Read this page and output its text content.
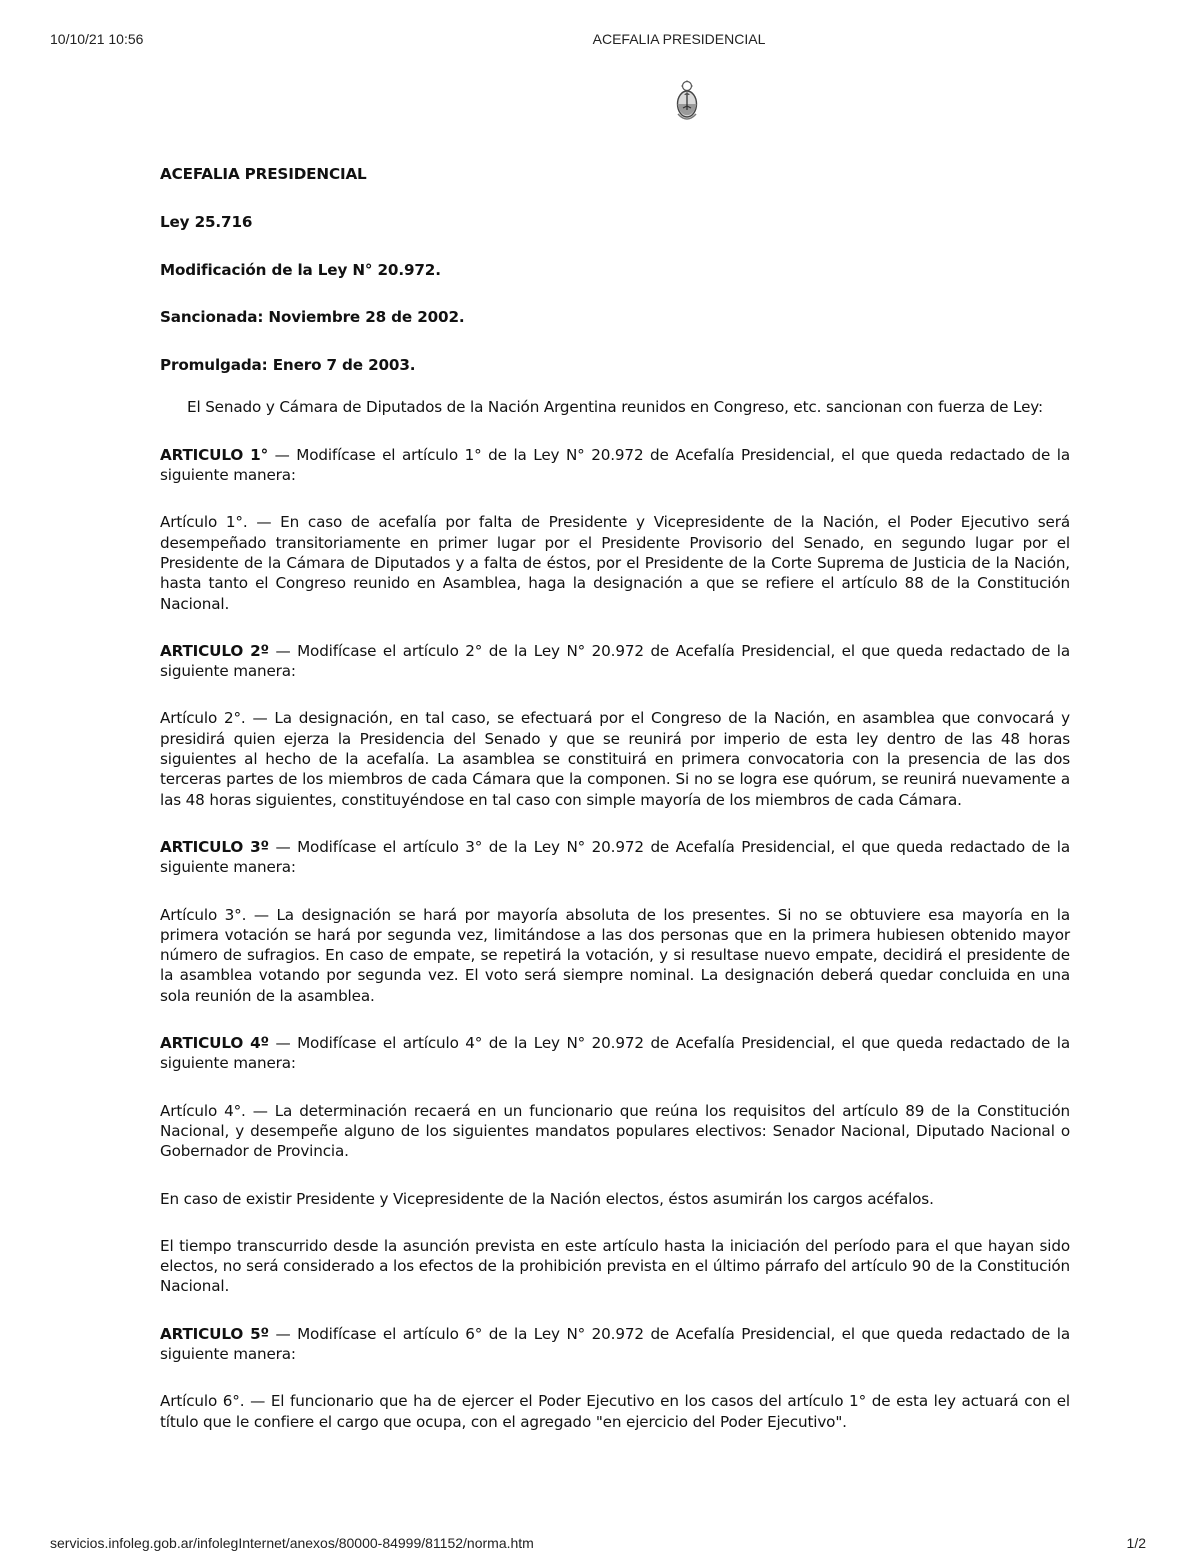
10/10/21 10:56	ACEFALIA PRESIDENCIAL

ACEFALIA PRESIDENCIAL

Ley 25.716

Modificación de la Ley N° 20.972.

Sancionada: Noviembre 28 de 2002.

Promulgada: Enero 7 de 2003.

El Senado y Cámara de Diputados de la Nación Argentina reunidos en Congreso, etc. sancionan con fuerza de Ley:

ARTICULO 1° — Modifícase el artículo 1° de la Ley N° 20.972 de Acefalía Presidencial, el que queda redactado de la siguiente manera:

Artículo 1°. — En caso de acefalía por falta de Presidente y Vicepresidente de la Nación, el Poder Ejecutivo será desempeñado transitoriamente en primer lugar por el Presidente Provisorio del Senado, en segundo lugar por el Presidente de la Cámara de Diputados y a falta de éstos, por el Presidente de la Corte Suprema de Justicia de la Nación, hasta tanto el Congreso reunido en Asamblea, haga la designación a que se refiere el artículo 88 de la Constitución Nacional.

ARTICULO 2º — Modifícase el artículo 2° de la Ley N° 20.972 de Acefalía Presidencial, el que queda redactado de la siguiente manera:

Artículo 2°. — La designación, en tal caso, se efectuará por el Congreso de la Nación, en asamblea que convocará y presidirá quien ejerza la Presidencia del Senado y que se reunirá por imperio de esta ley dentro de las 48 horas siguientes al hecho de la acefalía. La asamblea se constituirá en primera convocatoria con la presencia de las dos terceras partes de los miembros de cada Cámara que la componen. Si no se logra ese quórum, se reunirá nuevamente a las 48 horas siguientes, constituyéndose en tal caso con simple mayoría de los miembros de cada Cámara.

ARTICULO 3º — Modifícase el artículo 3° de la Ley N° 20.972 de Acefalía Presidencial, el que queda redactado de la siguiente manera:

Artículo 3°. — La designación se hará por mayoría absoluta de los presentes. Si no se obtuviere esa mayoría en la primera votación se hará por segunda vez, limitándose a las dos personas que en la primera hubiesen obtenido mayor número de sufragios. En caso de empate, se repetirá la votación, y si resultase nuevo empate, decidirá el presidente de la asamblea votando por segunda vez. El voto será siempre nominal. La designación deberá quedar concluida en una sola reunión de la asamblea.

ARTICULO 4º — Modifícase el artículo 4° de la Ley N° 20.972 de Acefalía Presidencial, el que queda redactado de la siguiente manera:

Artículo 4°. — La determinación recaerá en un funcionario que reúna los requisitos del artículo 89 de la Constitución Nacional, y desempeñe alguno de los siguientes mandatos populares electivos: Senador Nacional, Diputado Nacional o Gobernador de Provincia.

En caso de existir Presidente y Vicepresidente de la Nación electos, éstos asumirán los cargos acéfalos.

El tiempo transcurrido desde la asunción prevista en este artículo hasta la iniciación del período para el que hayan sido electos, no será considerado a los efectos de la prohibición prevista en el último párrafo del artículo 90 de la Constitución Nacional.

ARTICULO 5º — Modifícase el artículo 6° de la Ley N° 20.972 de Acefalía Presidencial, el que queda redactado de la siguiente manera:

Artículo 6°. — El funcionario que ha de ejercer el Poder Ejecutivo en los casos del artículo 1° de esta ley actuará con el título que le confiere el cargo que ocupa, con el agregado "en ejercicio del Poder Ejecutivo".

servicios.infoleg.gob.ar/infolegInternet/anexos/80000-84999/81152/norma.htm	1/2
